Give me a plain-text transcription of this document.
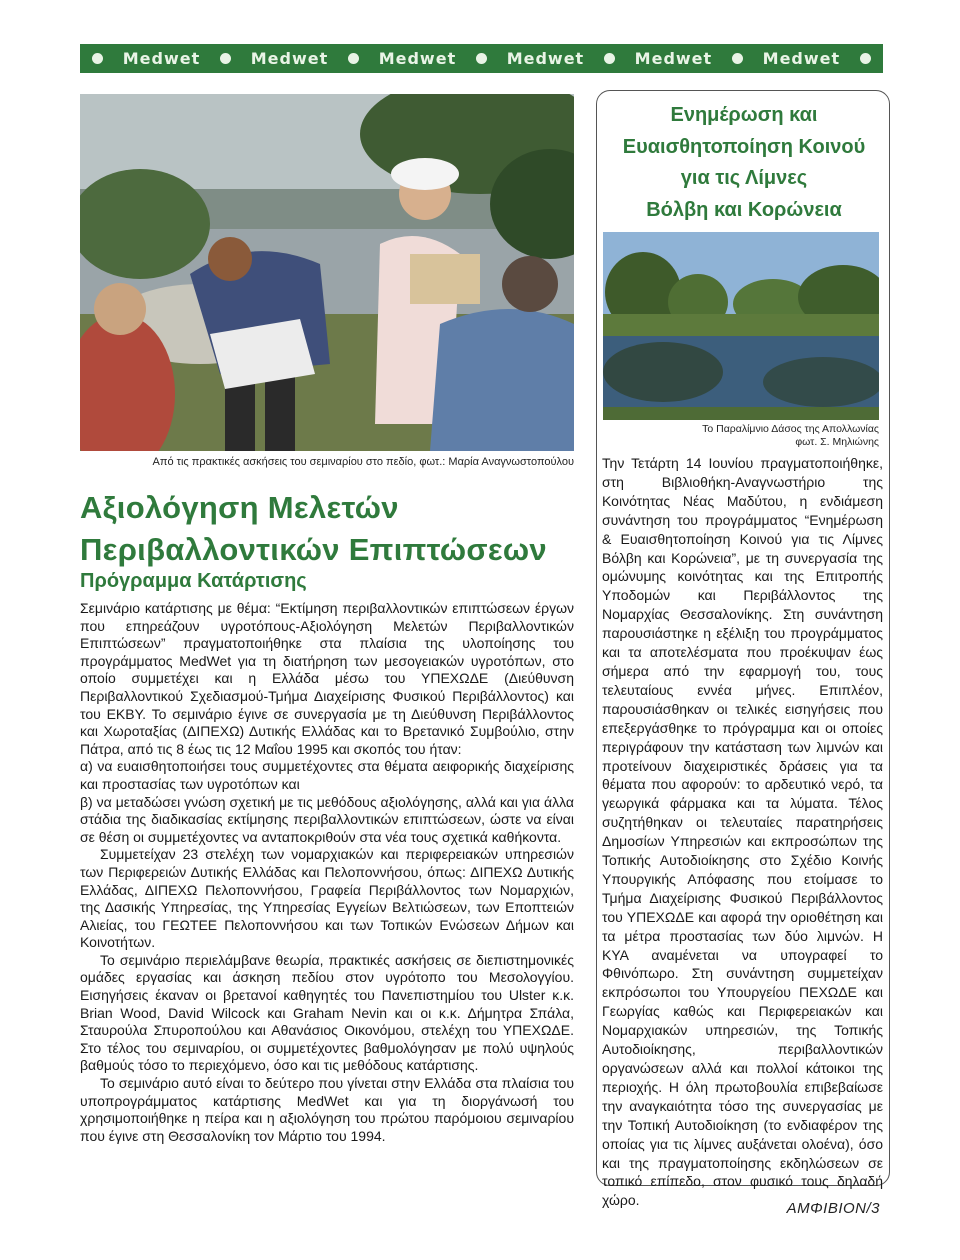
Medwet	Medwet	Medwet	Medwet	Medwet	Medwet
Από τις πρακτικές ασκήσεις του σεμιναρίου στο πεδίο, φωτ.: Μαρία Αναγνωστοπούλου
Αξιολόγηση Μελετών
Περιβαλλοντικών Επιπτώσεων
Πρόγραμμα Κατάρτισης

Σεμινάριο κατάρτισης με θέμα: “Εκτίμηση περιβαλλοντικών επιπτώσεων έργων που επηρεάζουν υγροτόπους-Αξιολόγηση Μελετών Περιβαλλοντικών Επιπτώσεων” πραγματοποιήθηκε στα πλαίσια της υλοποίησης του προγράμματος MedWet για τη διατήρηση των μεσογειακών υγροτόπων, στο οποίο συμμετέχει και η Ελλάδα μέσω του ΥΠΕΧΩΔΕ (Διεύθυνση Περιβαλλοντικού Σχεδιασμού-Τμήμα Διαχείρισης Φυσικού Περιβάλλοντος) και του ΕΚΒΥ. Το σεμινάριο έγινε σε συνεργασία με τη Διεύθυνση Περιβάλλοντος και Χωροταξίας (ΔΙΠΕΧΩ) Δυτικής Ελλάδας και το Βρετανικό Συμβούλιο, στην Πάτρα, από τις 8 έως τις 12 Μαΐου 1995 και σκοπός του ήταν:

α) να ευαισθητοποιήσει τους συμμετέχοντες στα θέματα αειφορικής διαχείρισης και προστασίας των υγροτόπων και

β) να μεταδώσει γνώση σχετική με τις μεθόδους αξιολόγησης, αλλά και για άλλα στάδια της διαδικασίας εκτίμησης περιβαλλοντικών επιπτώσεων, ώστε να είναι σε θέση οι συμμετέχοντες να ανταποκριθούν στα νέα τους σχετικά καθήκοντα.

Συμμετείχαν 23 στελέχη των νομαρχιακών και περιφερειακών υπηρεσιών των Περιφερειών Δυτικής Ελλάδας και Πελοποννήσου, όπως: ΔΙΠΕΧΩ Δυτικής Ελλάδας, ΔΙΠΕΧΩ Πελοποννήσου, Γραφεία Περιβάλλοντος των Νομαρχιών, της Δασικής Υπηρεσίας, της Υπηρεσίας Εγγείων Βελτιώσεων, των Εποπτειών Αλιείας, του ΓΕΩΤΕΕ Πελοποννήσου και των Τοπικών Ενώσεων Δήμων και Κοινοτήτων.

Το σεμινάριο περιελάμβανε θεωρία, πρακτικές ασκήσεις σε διεπιστημονικές ομάδες εργασίας και άσκηση πεδίου στον υγρότοπο του Μεσολογγίου. Εισηγήσεις έκαναν οι βρετανοί καθηγητές του Πανεπιστημίου του Ulster κ.κ. Brian Wood, David Wilcock και Graham Nevin και οι κ.κ. Δήμητρα Σπάλα, Σταυρούλα Σπυροπούλου και Αθανάσιος Οικονόμου, στελέχη του ΥΠΕΧΩΔΕ. Στο τέλος του σεμιναρίου, οι συμμετέχοντες βαθμολόγησαν με πολύ υψηλούς βαθμούς τόσο το περιεχόμενο, όσο και τις μεθόδους κατάρτισης.

Το σεμινάριο αυτό είναι το δεύτερο που γίνεται στην Ελλάδα στα πλαίσια του υποπρογράμματος κατάρτισης MedWet και για τη διοργάνωσή του χρησιμοποιήθηκε η πείρα και η αξιολόγηση του πρώτου παρόμοιου σεμιναρίου που έγινε στη Θεσσαλονίκη τον Μάρτιο του 1994.

Ενημέρωση και
Ευαισθητοποίηση Κοινού
για τις Λίμνες
Βόλβη και Κορώνεια
Το Παραλίμνιο Δάσος της Απολλωνίας
φωτ. Σ. Μηλιώνης

Την Τετάρτη 14 Ιουνίου πραγματοποιήθηκε, στη Βιβλιοθήκη-Αναγνωστήριο της Κοινότητας Νέας Μαδύτου, η ενδιάμεση συνάντηση του προγράμματος “Ενημέρωση & Ευαισθητοποίηση Κοινού για τις Λίμνες Βόλβη και Κορώνεια”, με τη συνεργασία της ομώνυμης κοινότητας και της Επιτροπής Υποδομών και Περιβάλλοντος της Νομαρχίας Θεσσαλονίκης. Στη συνάντηση παρουσιάστηκε η εξέλιξη του προγράμματος και τα αποτελέσματα που προέκυψαν έως σήμερα από την εφαρμογή του, τους τελευταίους εννέα μήνες. Επιπλέον, παρουσιάσθηκαν οι τελικές εισηγήσεις που επεξεργάσθηκε το πρόγραμμα και οι οποίες περιγράφουν την κατάσταση των λιμνών και προτείνουν διαχειριστικές δράσεις για τα θέματα που αφορούν: το αρδευτικό νερό, τα γεωργικά φάρμακα και τα λύματα. Τέλος συζητήθηκαν οι τελευταίες παρατηρήσεις Δημοσίων Υπηρεσιών και εκπροσώπων της Τοπικής Αυτοδιοίκησης στο Σχέδιο Κοινής Υπουργικής Απόφασης που ετοίμασε το Τμήμα Διαχείρισης Φυσικού Περιβάλλοντος του ΥΠΕΧΩΔΕ και αφορά την οριοθέτηση και τα μέτρα προστασίας των δύο λιμνών. Η ΚΥΑ αναμένεται να υπογραφεί το Φθινόπωρο. Στη συνάντηση συμμετείχαν εκπρόσωποι του Υπουργείου ΠΕΧΩΔΕ και Γεωργίας καθώς και Περιφερειακών και Νομαρχιακών υπηρεσιών, της Τοπικής Αυτοδιοίκησης, περιβαλλοντικών οργανώσεων αλλά και πολλοί κάτοικοι της περιοχής. Η όλη πρωτοβουλία επιβεβαίωσε την αναγκαιότητα τόσο της συνεργασίας με την Τοπική Αυτοδιοίκηση (το ενδιαφέρον της οποίας για τις λίμνες αυξάνεται ολοένα), όσο και της πραγματοποίησης εκδηλώσεων σε τοπικό επίπεδο, στον φυσικό τους δηλαδή χώρο.	ΑΜΦΙΒΙΟΝ/3
